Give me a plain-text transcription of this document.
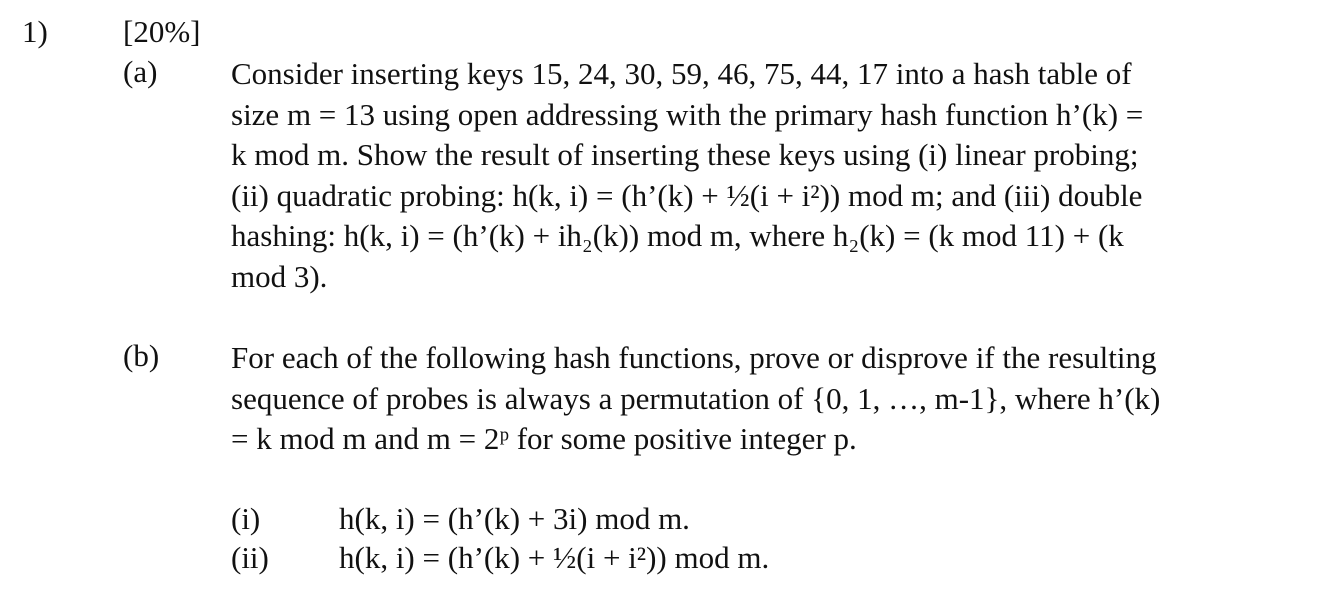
1) [20%]
(a) Consider inserting keys 15, 24, 30, 59, 46, 75, 44, 17 into a hash table of
size m = 13 using open addressing with the primary hash function h’(k) =
k mod m. Show the result of inserting these keys using (i) linear probing;
(ii) quadratic probing: h(k, i) = (h’(k) + ½(i + i²)) mod m; and (iii) double
hashing: h(k, i) = (h’(k) + ih₂(k)) mod m, where h₂(k) = (k mod 11) + (k
mod 3).
(b) For each of the following hash functions, prove or disprove if the resulting
sequence of probes is always a permutation of {0, 1, …, m-1}, where h’(k)
= k mod m and m = 2ᵖ for some positive integer p.
(i)	h(k, i) = (h’(k) + 3i) mod m.
(ii) h(k, i) = (h’(k) + ½(i + i²)) mod m.
